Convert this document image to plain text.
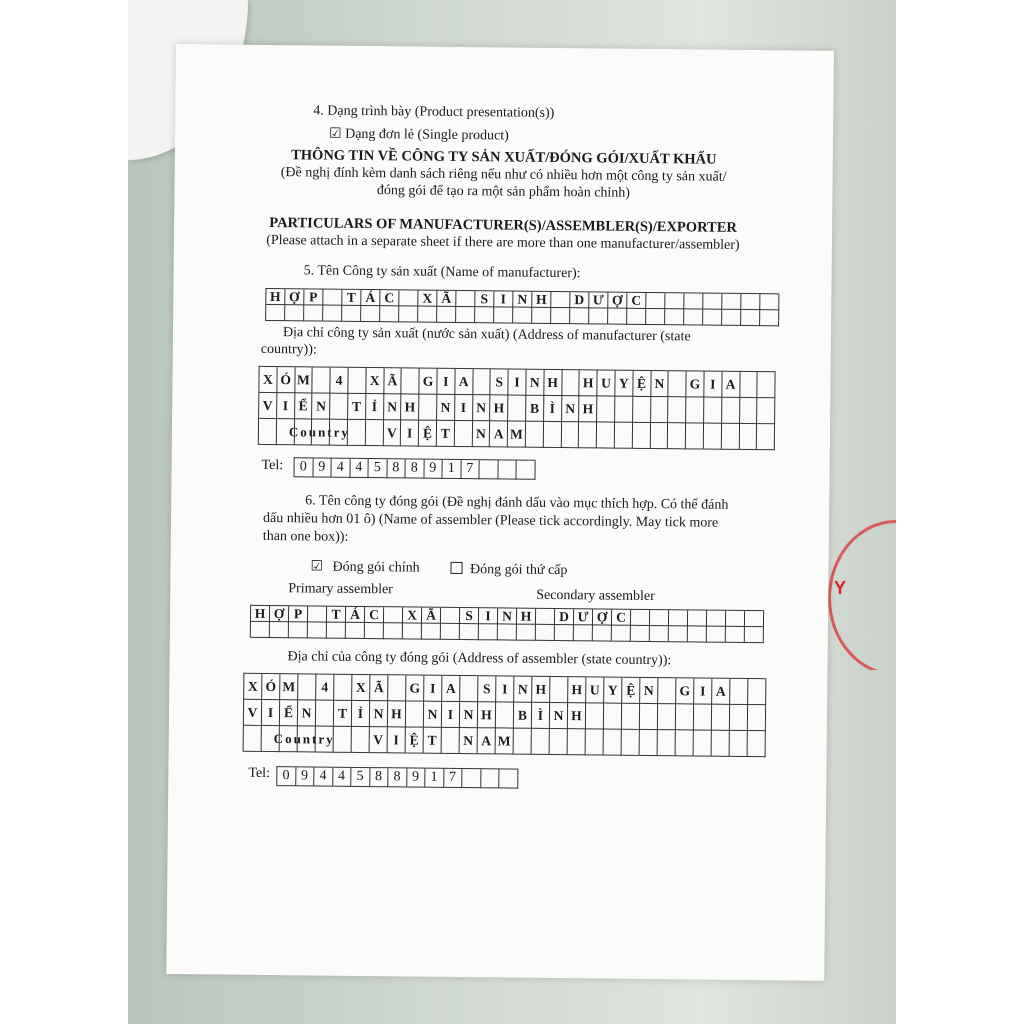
Y
4. Dạng trình bày (Product presentation(s))
☑ Dạng đơn lẻ (Single product)
THÔNG TIN VỀ CÔNG TY SẢN XUẤT/ĐÓNG GÓI/XUẤT KHẨU
(Đề nghị đính kèm danh sách riêng nếu như có nhiều hơn một công ty sản xuất/
đóng gói để tạo ra một sản phẩm hoàn chỉnh)
PARTICULARS OF MANUFACTURER(S)/ASSEMBLER(S)/EXPORTER
(Please attach in a separate sheet if there are more than one manufacturer/assembler)
5. Tên Công ty sản xuất (Name of manufacturer):
H Ợ P	T Á C	X Ã	S I N H	D Ư Ợ C
Địa chỉ công ty sản xuất (nước sản xuất) (Address of manufacturer (state
country)):
X Ó M	4	X Ã	G I A	S I N H	H U Y Ệ N	G I A
V I Ể N	T Ỉ N H	N I N H	B Ì N H
Country	V I Ệ T	N A M
Tel:	0 9 4 4 5 8 8 9 1 7
6. Tên công ty đóng gói (Đề nghị đánh dấu vào mục thích hợp. Có thể đánh
dấu nhiều hơn 01 ô) (Name of assembler (Please tick accordingly. May tick more
than one box)):
☑ Đóng gói chính	Đóng gói thứ cấp
Primary assembler	Secondary assembler
H Ợ P	T Á C	X Ã	S I N H	D Ư Ợ C
Địa chỉ của công ty đóng gói (Address of assembler (state country)):
X Ó M	4	X Ã	G I A	S I N H	H U Y Ệ N	G I A
V I Ể N	T Ỉ N H	N I N H	B Ì N H
Country	V I Ệ T	N A M
Tel: 0 9 4 4 5 8 8 9 1 7
